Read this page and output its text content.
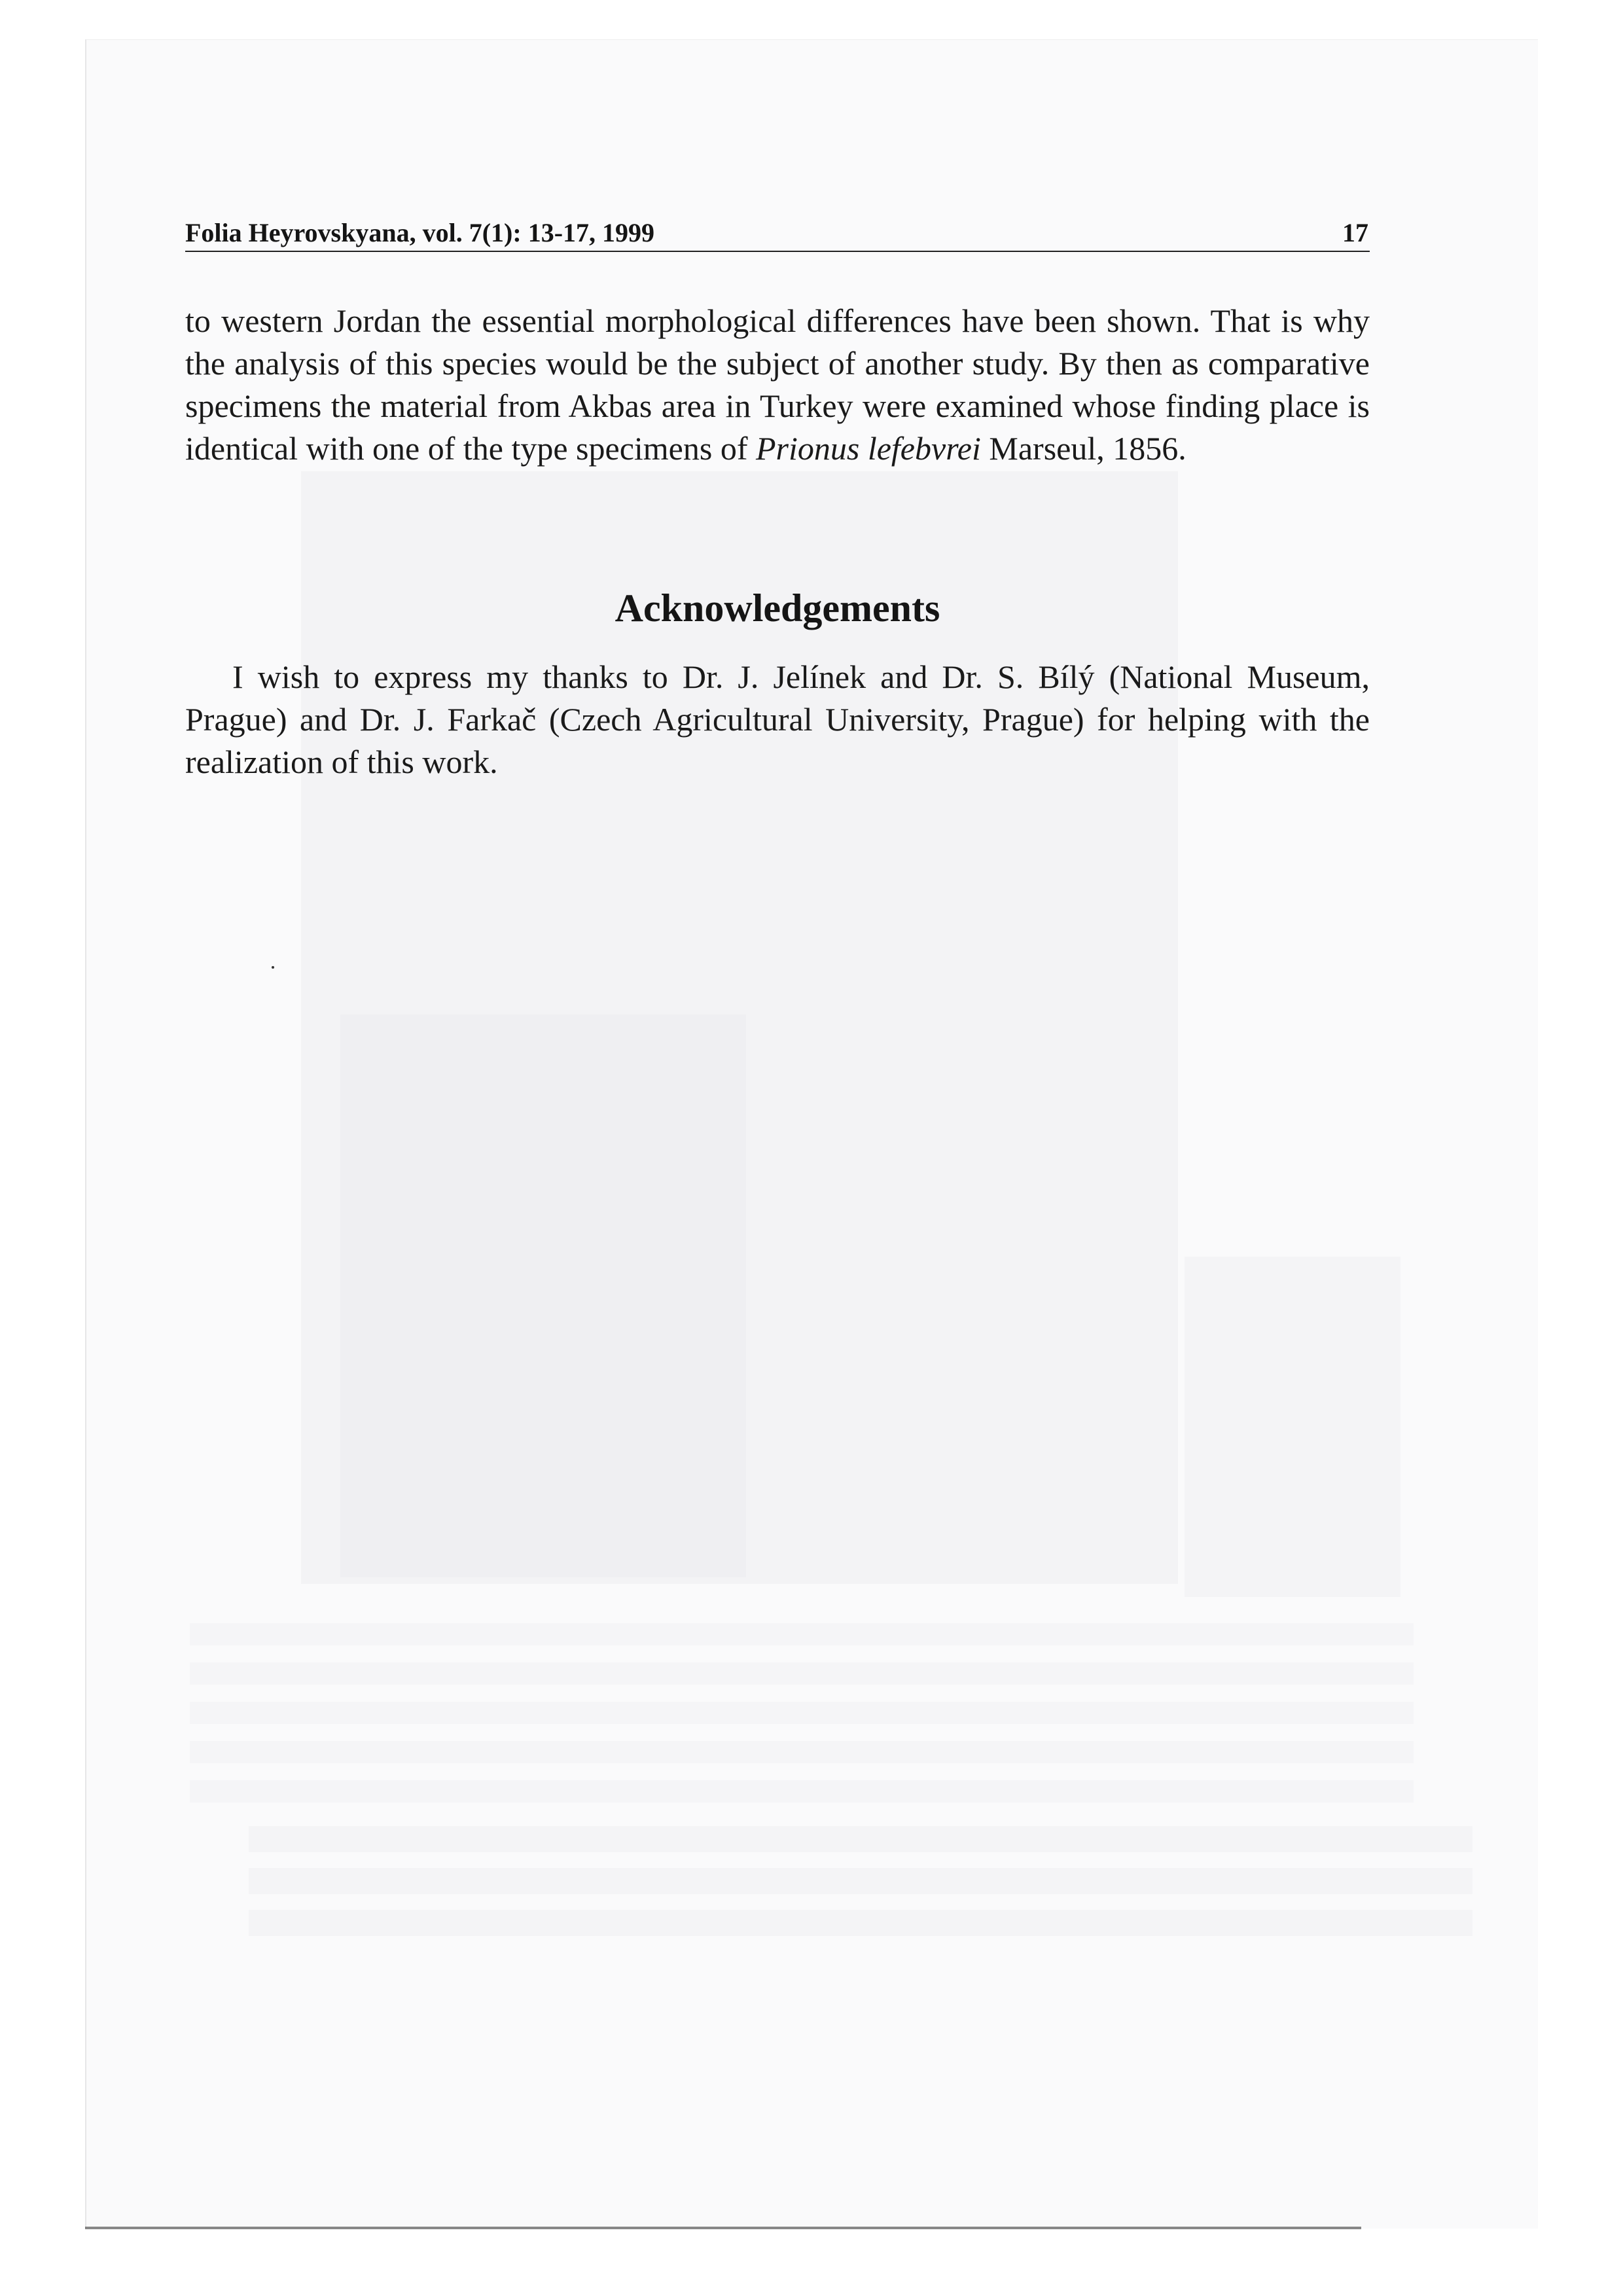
Folia Heyrovskyana, vol. 7(1): 13-17, 1999	17

to western Jordan the essential morphological differences have been shown. That is why the analysis of this species would be the subject of another study. By then as comparative specimens the material from Akbas area in Turkey were examined whose finding place is identical with one of the type specimens of Prionus lefebvrei Marseul, 1856.

Acknowledgements

I wish to express my thanks to Dr. J. Jelínek and Dr. S. Bílý (National Museum, Prague) and Dr. J. Farkač (Czech Agricultural University, Prague) for helping with the realization of this work.
